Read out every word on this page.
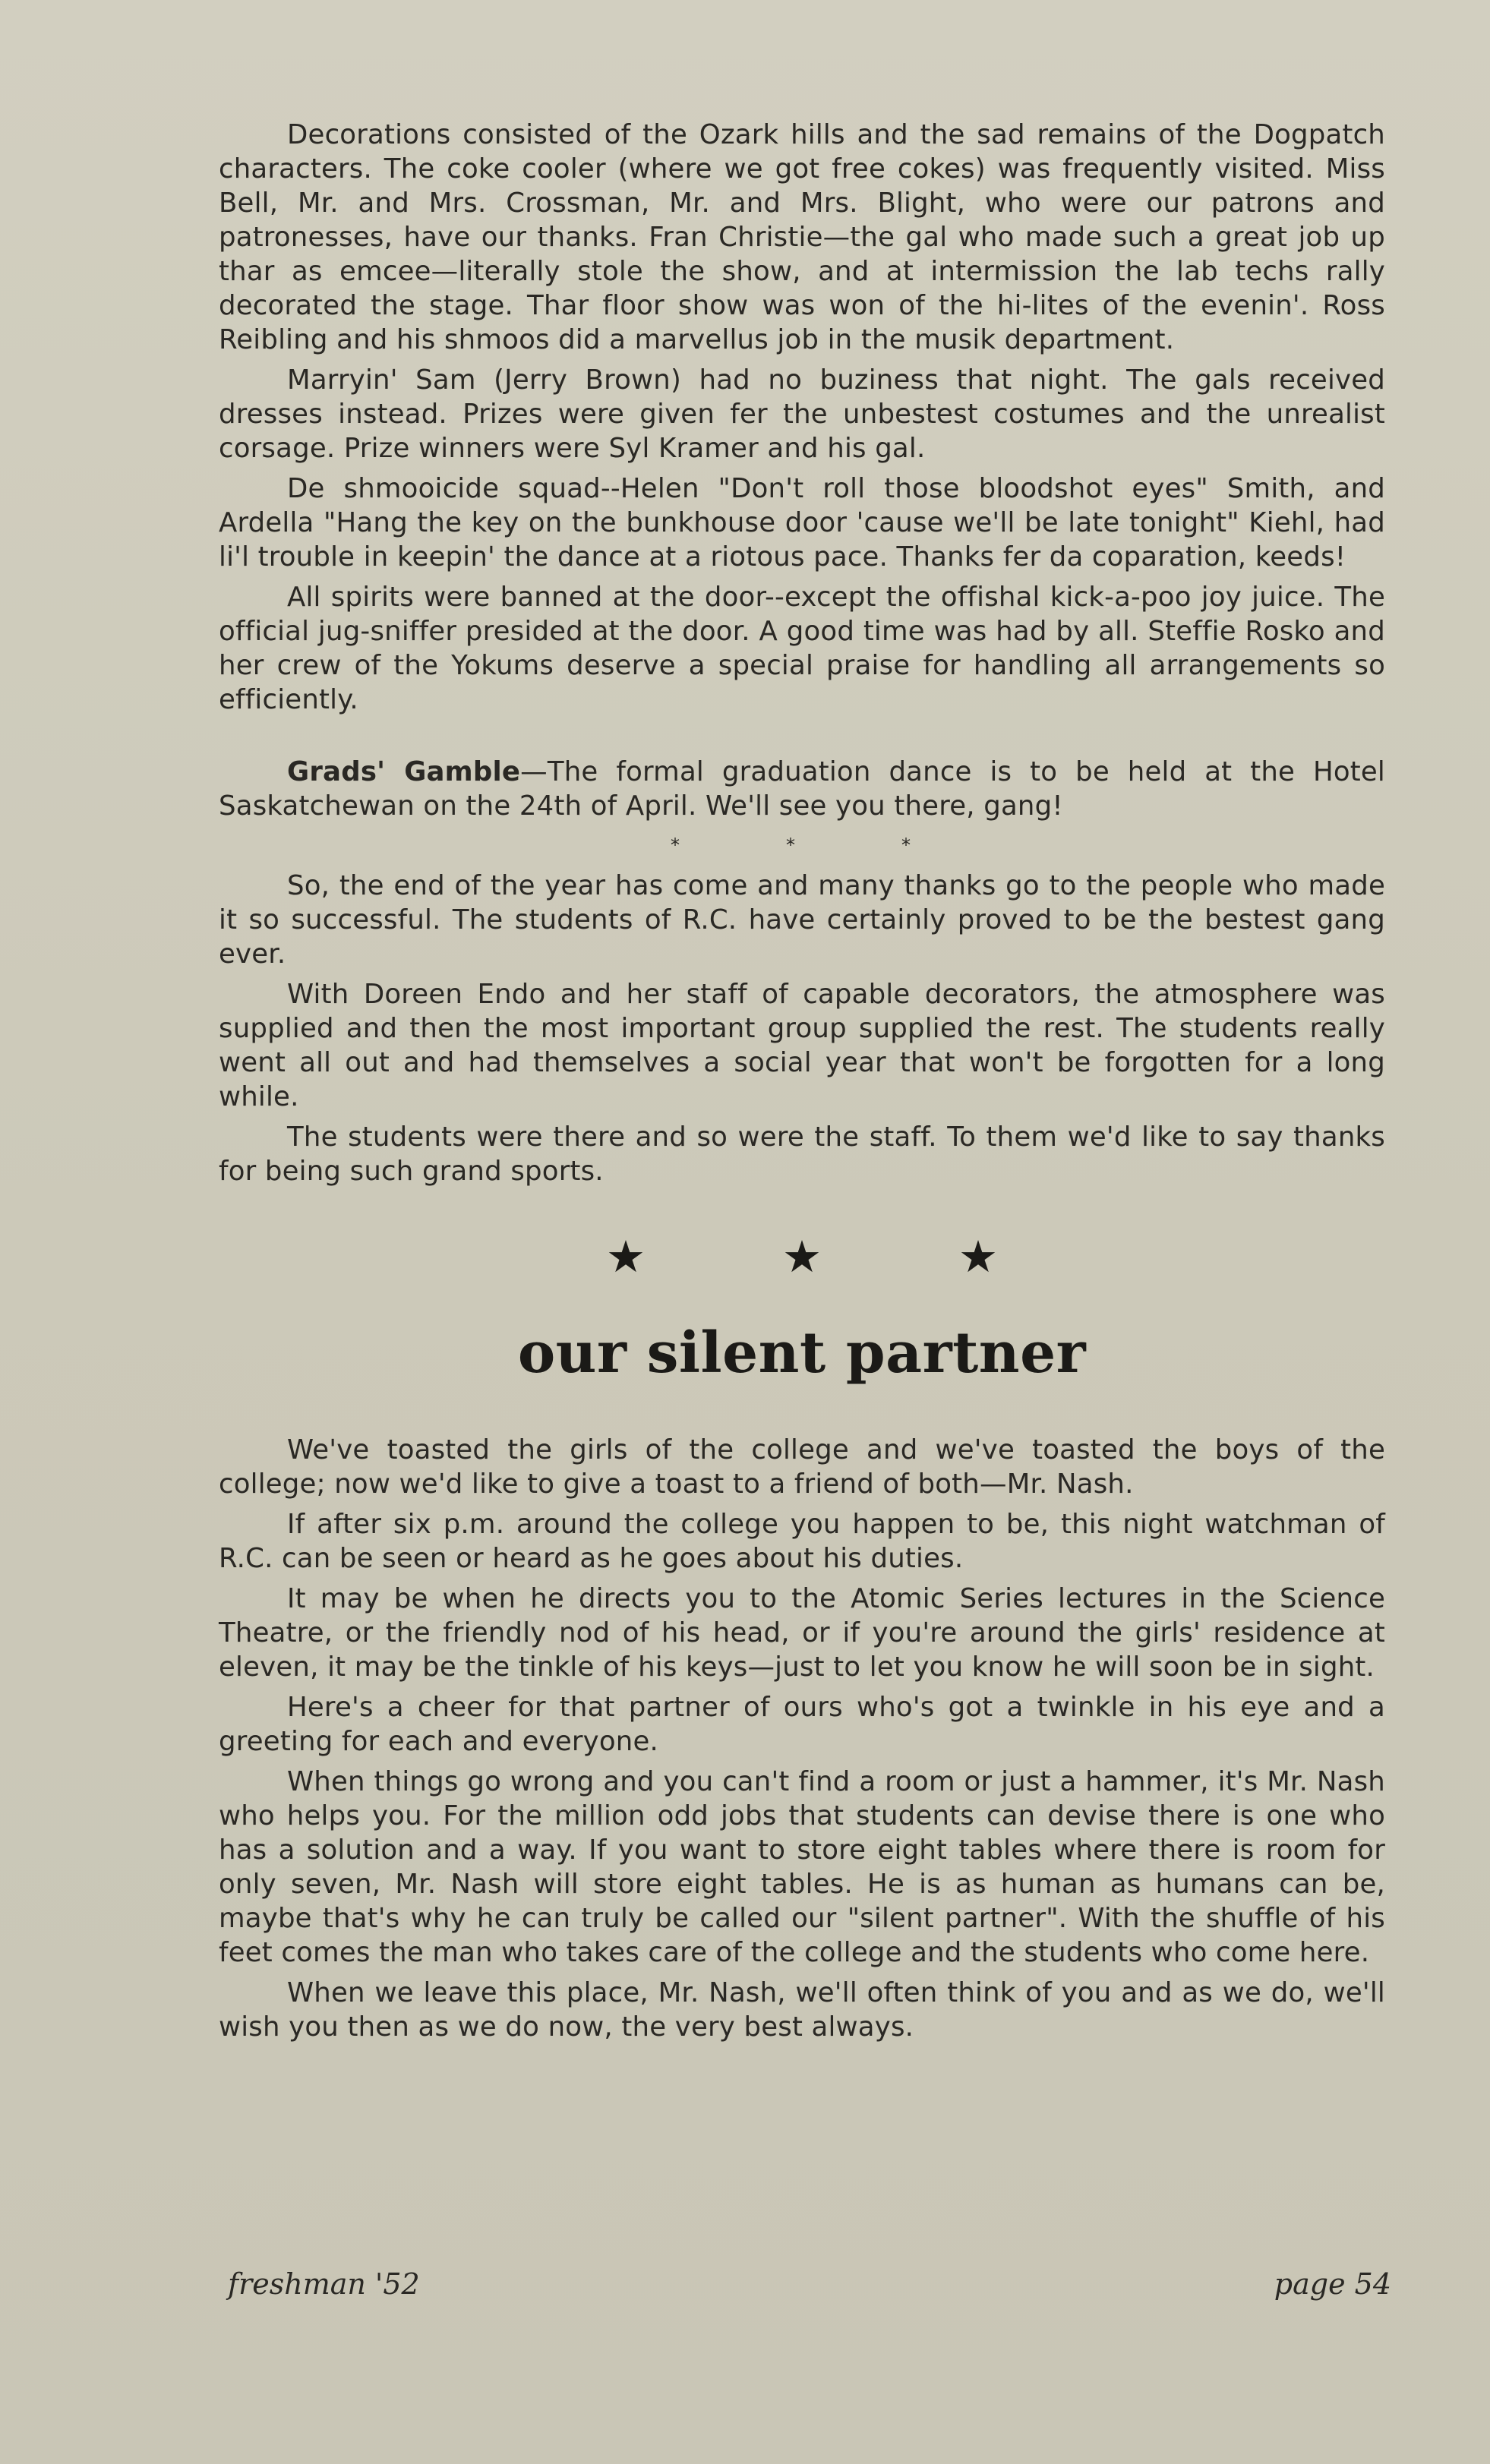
Decorations consisted of the Ozark hills and the sad remains of the Dogpatch characters. The coke cooler (where we got free cokes) was frequently visited. Miss Bell, Mr. and Mrs. Crossman, Mr. and Mrs. Blight, who were our patrons and patronesses, have our thanks. Fran Christie—the gal who made such a great job up thar as emcee—literally stole the show, and at intermission the lab techs rally decorated the stage. Thar floor show was won of the hi-lites of the evenin'. Ross Reibling and his shmoos did a marvellus job in the musik department.

Marryin' Sam (Jerry Brown) had no buziness that night. The gals received dresses instead. Prizes were given fer the unbestest costumes and the unrealist corsage. Prize winners were Syl Kramer and his gal.

De shmooicide squad--Helen "Don't roll those bloodshot eyes" Smith, and Ardella "Hang the key on the bunkhouse door 'cause we'll be late tonight" Kiehl, had li'l trouble in keepin' the dance at a riotous pace. Thanks fer da coparation, keeds!

All spirits were banned at the door--except the offishal kick-a-poo joy juice. The official jug-sniffer presided at the door. A good time was had by all. Steffie Rosko and her crew of the Yokums deserve a special praise for handling all arrangements so efficiently.

Grads' Gamble—The formal graduation dance is to be held at the Hotel Saskatchewan on the 24th of April. We'll see you there, gang!

*	*	*

So, the end of the year has come and many thanks go to the people who made it so successful. The students of R.C. have certainly proved to be the bestest gang ever.

With Doreen Endo and her staff of capable decorators, the atmosphere was supplied and then the most important group supplied the rest. The students really went all out and had themselves a social year that won't be forgotten for a long while.

The students were there and so were the staff. To them we'd like to say thanks for being such grand sports.

★	★	★
our silent partner

We've toasted the girls of the college and we've toasted the boys of the college; now we'd like to give a toast to a friend of both—Mr. Nash.

If after six p.m. around the college you happen to be, this night watchman of R.C. can be seen or heard as he goes about his duties.

It may be when he directs you to the Atomic Series lectures in the Science Theatre, or the friendly nod of his head, or if you're around the girls' residence at eleven, it may be the tinkle of his keys—just to let you know he will soon be in sight.

Here's a cheer for that partner of ours who's got a twinkle in his eye and a greeting for each and everyone.

When things go wrong and you can't find a room or just a hammer, it's Mr. Nash who helps you. For the million odd jobs that students can devise there is one who has a solution and a way. If you want to store eight tables where there is room for only seven, Mr. Nash will store eight tables. He is as human as humans can be, maybe that's why he can truly be called our "silent partner". With the shuffle of his feet comes the man who takes care of the college and the students who come here.

When we leave this place, Mr. Nash, we'll often think of you and as we do, we'll wish you then as we do now, the very best always.

freshman '52	page 54
